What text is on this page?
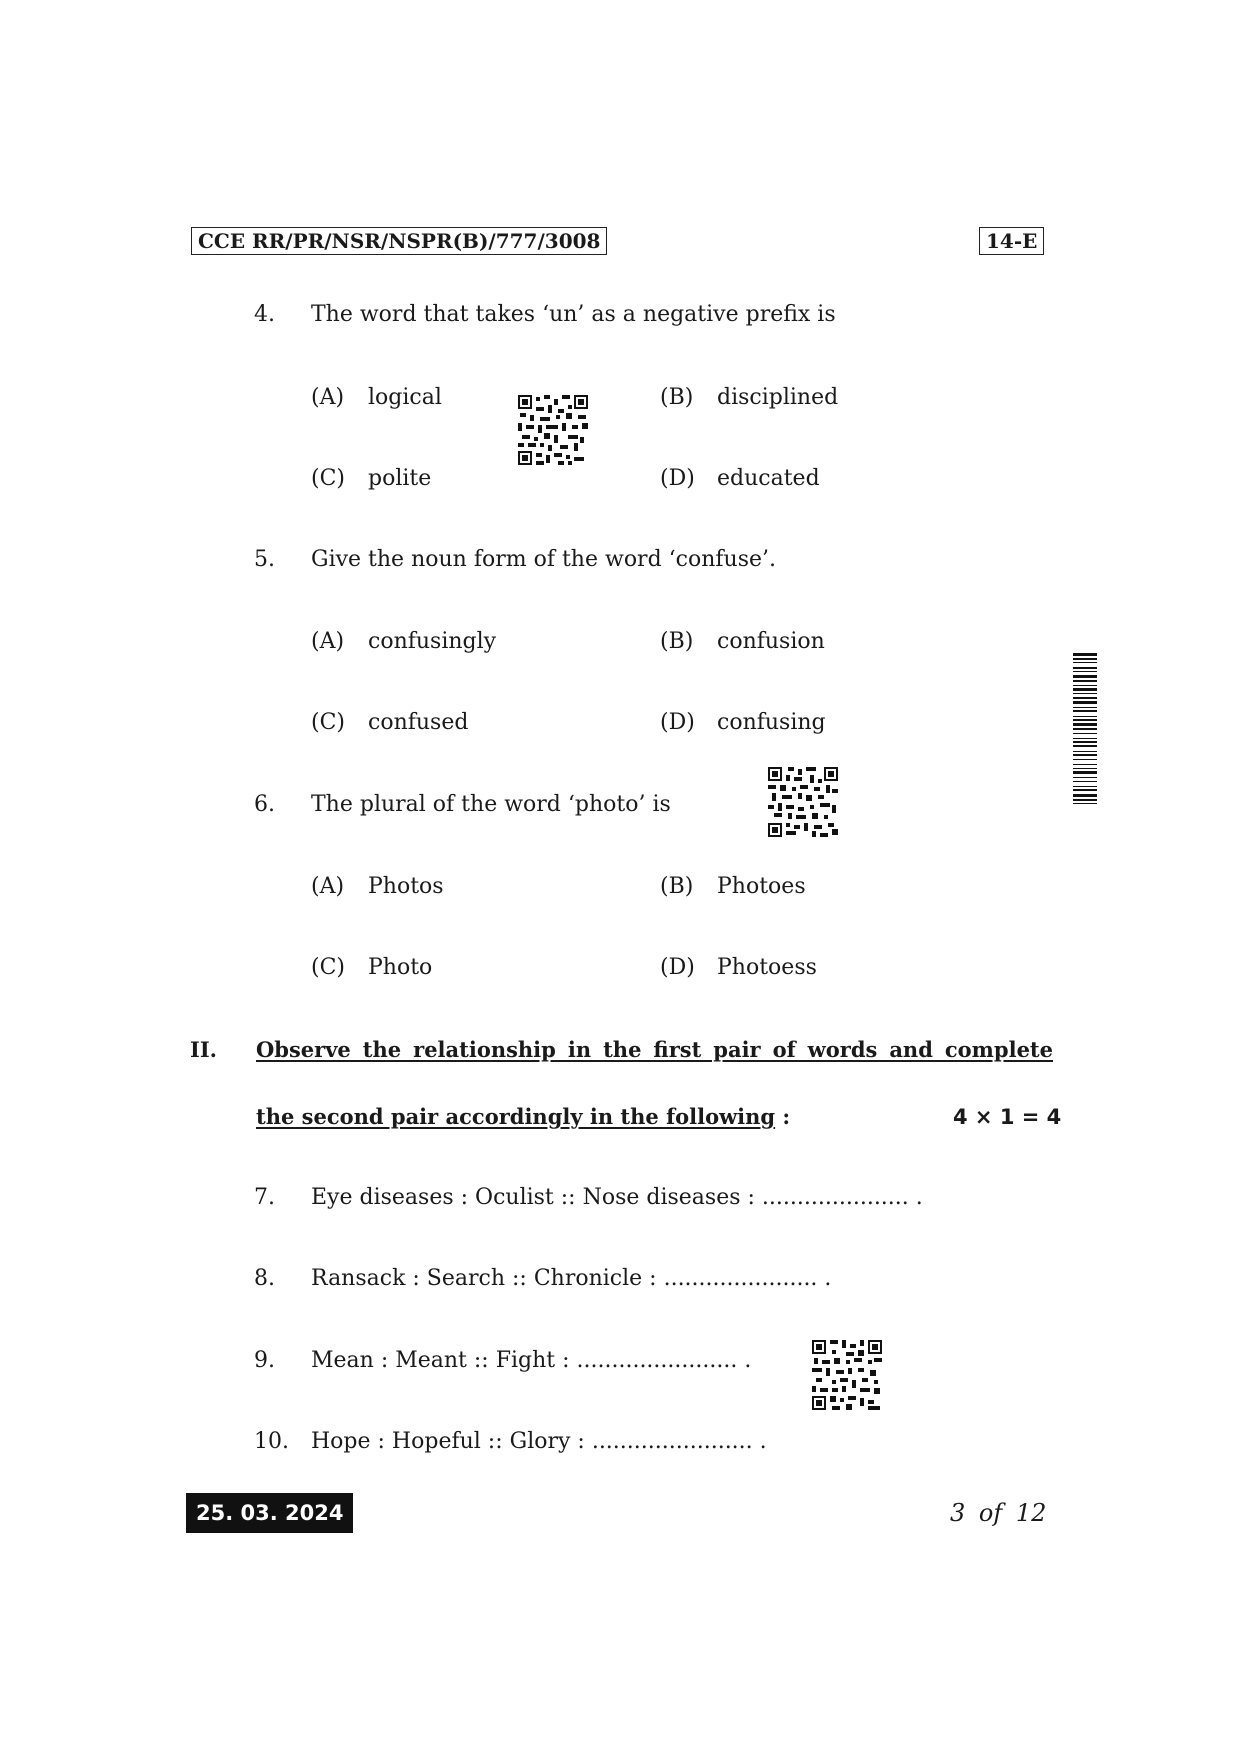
CCE RR/PR/NSR/NSPR(B)/777/3008	14-E
4. The word that takes ‘un’ as a negative prefix is
(A) logical	(B) disciplined
(C) polite	(D) educated
5. Give the noun form of the word ‘confuse’.
(A) confusingly	(B) confusion
(C) confused	(D) confusing
6. The plural of the word ‘photo’ is
(A) Photos	(B) Photoes
(C) Photo	(D) Photoess
II. Observe the relationship in the first pair of words and complete
the second pair accordingly in the following :	4 × 1 = 4
7. Eye diseases : Oculist :: Nose diseases : ..................... .
8. Ransack : Search :: Chronicle : ...................... .
9. Mean : Meant :: Fight : ....................... .
10. Hope : Hopeful :: Glory : ....................... .
25. 03. 2024	3 of 12
